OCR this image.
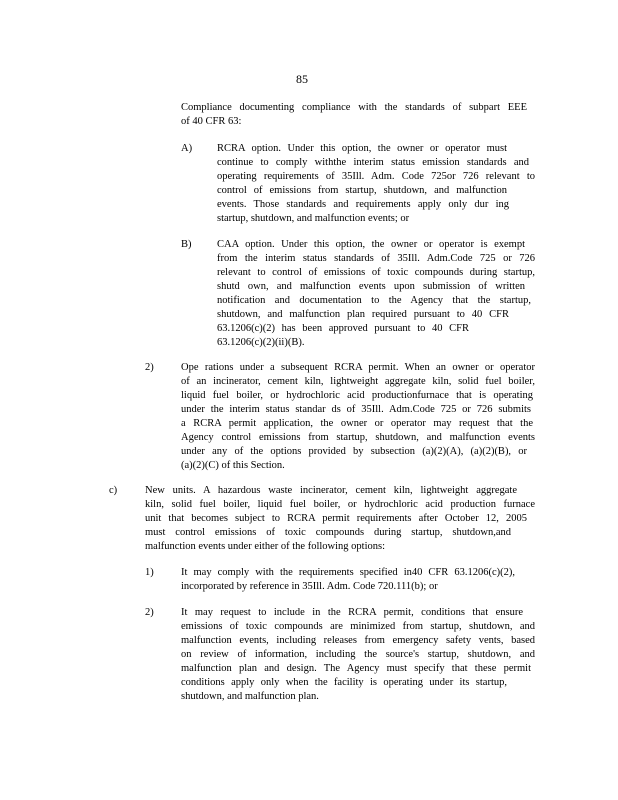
85
Compliance documenting compliance with the standards of subpart EEE
of 40 CFR 63:
A) RCRA option. Under this option, the owner or operator must
continue to comply withthe interim status emission standards and
operating requirements of 35Ill. Adm. Code 725or 726 relevant to
control of emissions from startup, shutdown, and malfunction
events. Those standards and requirements apply only dur ing
startup, shutdown, and malfunction events; or
B) CAA option. Under this option, the owner or operator is exempt
from the interim status standards of 35Ill. Adm.Code 725 or 726
relevant to control of emissions of toxic compounds during startup,
shutd own, and malfunction events upon submission of written
notification and documentation to the Agency that the startup,
shutdown, and malfunction plan required pursuant to 40 CFR
63.1206(c)(2) has been approved pursuant to 40 CFR
63.1206(c)(2)(ii)(B).
2)	Ope rations under a subsequent RCRA permit. When an owner or operator
of an incinerator, cement kiln, lightweight aggregate kiln, solid fuel boiler,
liquid fuel boiler, or hydrochloric acid productionfurnace that is operating
under the interim status standar ds of 35Ill. Adm.Code 725 or 726 submits
a RCRA permit application, the owner or operator may request that the
Agency control emissions from startup, shutdown, and malfunction events
under any of the options provided by subsection (a)(2)(A), (a)(2)(B), or
(a)(2)(C) of this Section.
c)	New units. A hazardous waste incinerator, cement kiln, lightweight aggregate
kiln, solid fuel boiler, liquid fuel boiler, or hydrochloric acid production furnace
unit that becomes subject to RCRA permit requirements after October 12, 2005
must control emissions of toxic compounds during startup, shutdown,and
malfunction events under either of the following options:
1)	It may comply with the requirements specified in40 CFR 63.1206(c)(2),
incorporated by reference in 35Ill. Adm. Code 720.111(b); or
2)	It may request to include in the RCRA permit, conditions that ensure
emissions of toxic compounds are minimized from startup, shutdown, and
malfunction events, including releases from emergency safety vents, based
on review of information, including the source's startup, shutdown, and
malfunction plan and design. The Agency must specify that these permit
conditions apply only when the facility is operating under its startup,
shutdown, and malfunction plan.
